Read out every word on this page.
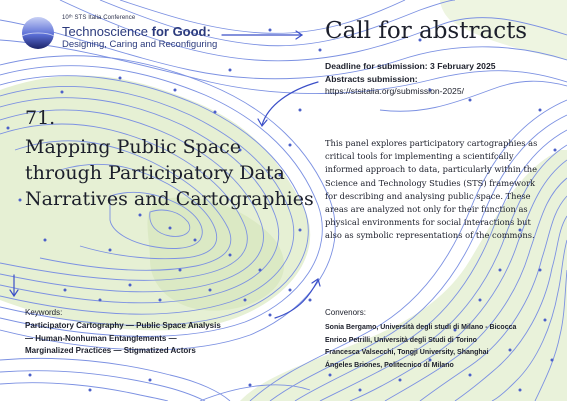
10ᵗʰ STS Italia Conference
Technoscience for Good:
Designing, Caring and Reconfiguring
Call for abstracts
Deadline for submission: 3 February 2025
Abstracts submission:
https://stsitalia.org/submission-2025/
71.
Mapping Public Space through Participatory Data Narratives and Cartographies
This panel explores participatory cartographies as critical tools for implementing a scientifcally informed approach to data, particularly within the Science and Technology Studies (STS) framework for describing and analysing public space. These areas are analyzed not only for their function as physical environments for social interactions but also as symbolic representations of the commons.
Keywords:
Participatory Cartography — Public Space Analysis
— Human-Nonhuman Entanglements —
Marginalized Practices — Stigmatized Actors
Convenors:
Sonia Bergamo, Università degli studi di Milano - Bicocca
Enrico Petrilli, Università degli Studi di Torino
Francesca Valsecchi, Tongji University, Shanghai
Ángeles Briones, Politecnico di Milano
